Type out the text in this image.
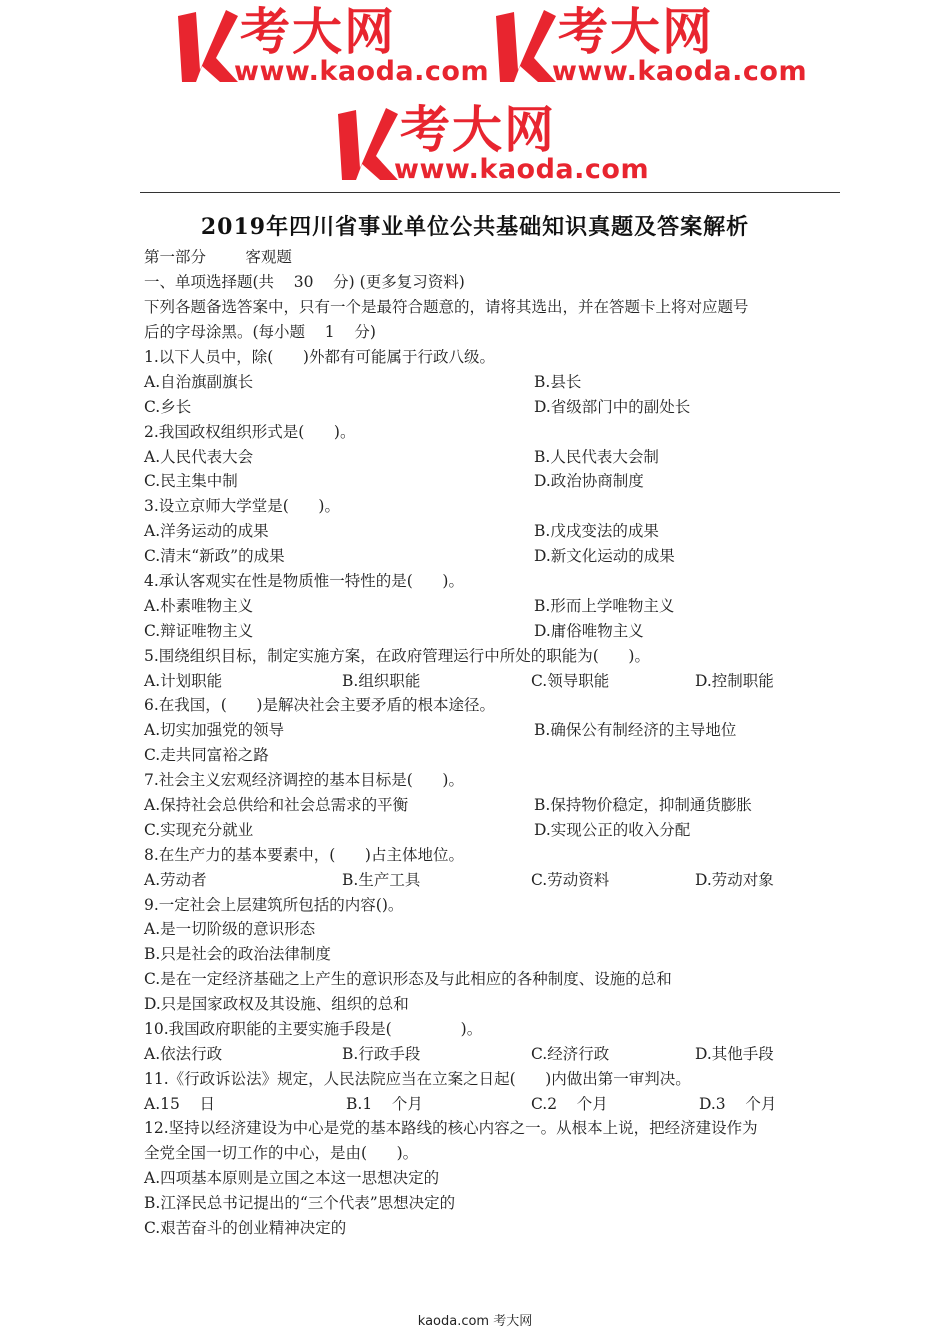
考大网
www.kaoda.com
考大网
www.kaoda.com
考大网
www.kaoda.com
2019年四川省事业单位公共基础知识真题及答案解析
第一部分        客观题
一、单项选择题(共    30    分) (更多复习资料)
下列各题备选答案中，只有一个是最符合题意的，请将其选出，并在答题卡上将对应题号
后的字母涂黑。(每小题    1    分)
1.以下人员中，除(      )外都有可能属于行政八级。
A.自治旗副旗长	B.县长
C.乡长	D.省级部门中的副处长
2.我国政权组织形式是(      )。
A.人民代表大会	B.人民代表大会制
C.民主集中制	D.政治协商制度
3.设立京师大学堂是(      )。
A.洋务运动的成果	B.戊戌变法的成果
C.清末“新政”的成果	D.新文化运动的成果
4.承认客观实在性是物质惟一特性的是(      )。
A.朴素唯物主义	B.形而上学唯物主义
C.辩证唯物主义	D.庸俗唯物主义
5.围绕组织目标，制定实施方案，在政府管理运行中所处的职能为(      )。
A.计划职能	B.组织职能	C.领导职能	D.控制职能
6.在我国，(      )是解决社会主要矛盾的根本途径。
A.切实加强党的领导	B.确保公有制经济的主导地位
C.走共同富裕之路
7.社会主义宏观经济调控的基本目标是(      )。
A.保持社会总供给和社会总需求的平衡	B.保持物价稳定，抑制通货膨胀
C.实现充分就业	D.实现公正的收入分配
8.在生产力的基本要素中，(      )占主体地位。
A.劳动者	B.生产工具	C.劳动资料	D.劳动对象
9.一定社会上层建筑所包括的内容()。
A.是一切阶级的意识形态
B.只是社会的政治法律制度
C.是在一定经济基础之上产生的意识形态及与此相应的各种制度、设施的总和
D.只是国家政权及其设施、组织的总和
10.我国政府职能的主要实施手段是(              )。
A.依法行政	B.行政手段	C.经济行政	D.其他手段
11.《行政诉讼法》规定，人民法院应当在立案之日起(      )内做出第一审判决。
A.15    日	B.1    个月	C.2    个月	D.3    个月
12.坚持以经济建设为中心是党的基本路线的核心内容之一。从根本上说，把经济建设作为
全党全国一切工作的中心，是由(      )。
A.四项基本原则是立国之本这一思想决定的
B.江泽民总书记提出的“三个代表”思想决定的
C.艰苦奋斗的创业精神决定的
kaoda.com 考大网
